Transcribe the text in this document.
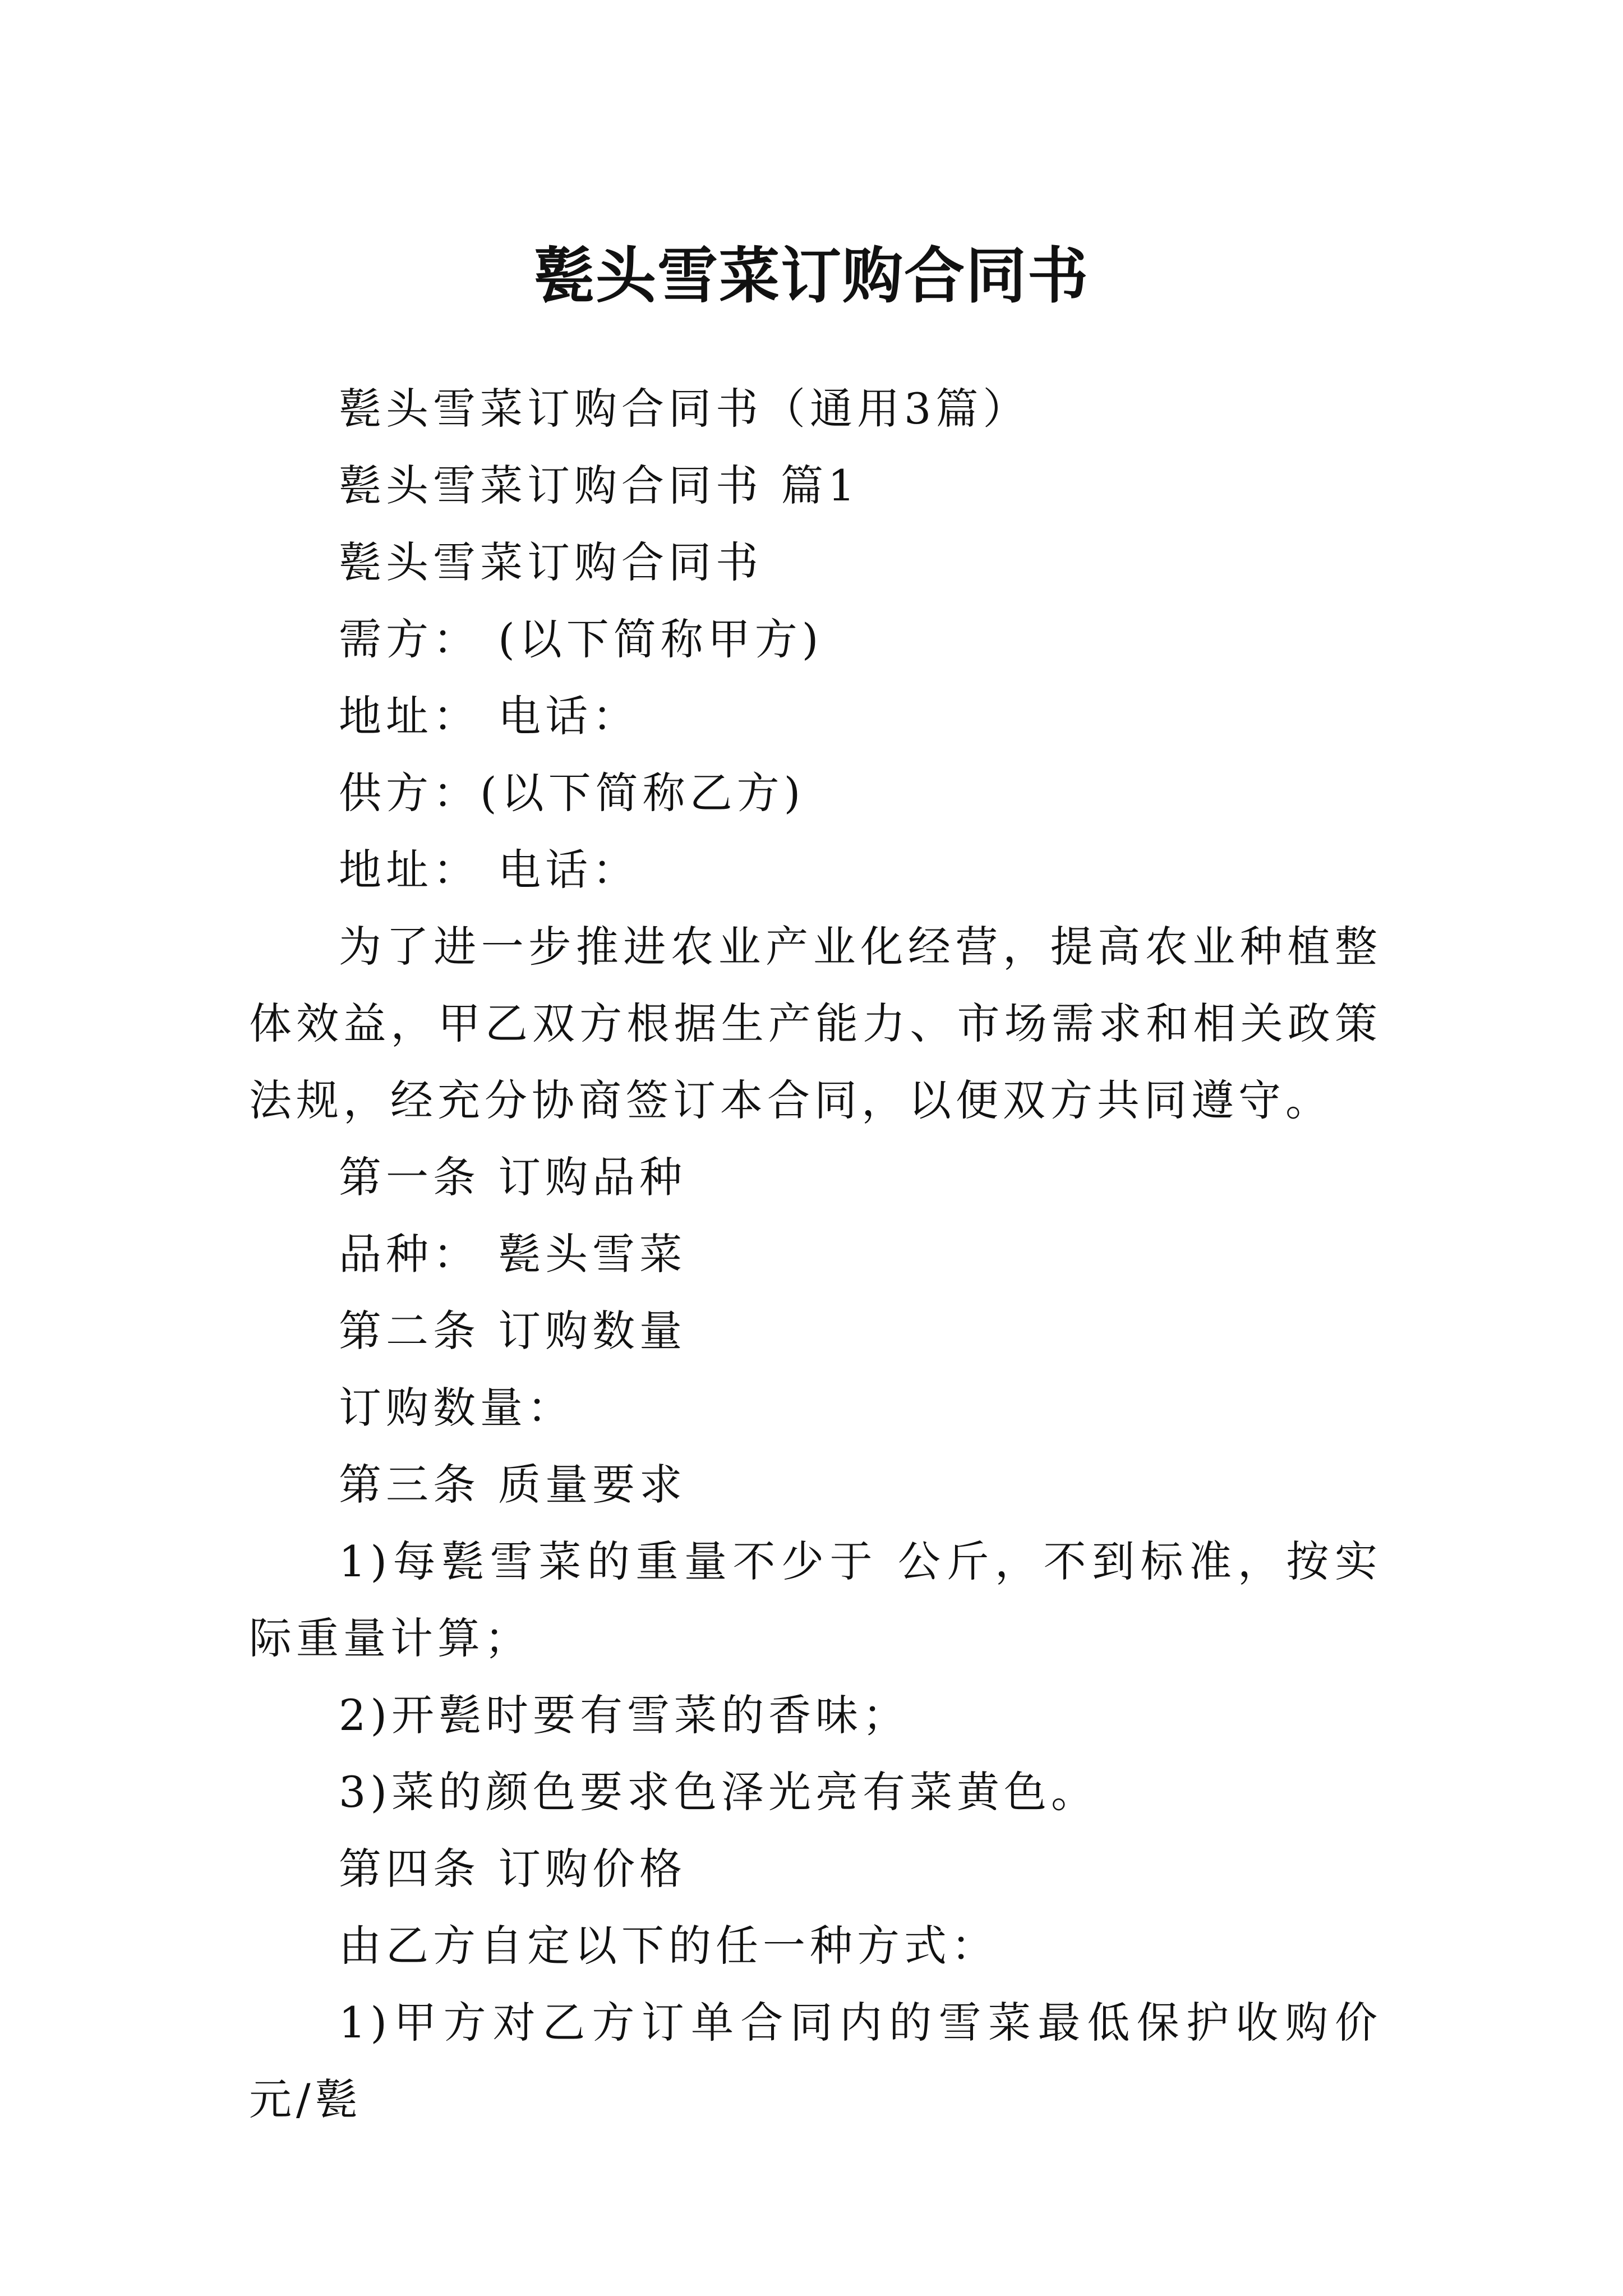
甏头雪菜订购合同书

甏头雪菜订购合同书（通用3篇）

甏头雪菜订购合同书 篇1

甏头雪菜订购合同书

需方： (以下简称甲方)

地址： 电话：

供方：(以下简称乙方)

地址： 电话：

为了进一步推进农业产业化经营，提高农业种植整体效益，甲乙双方根据生产能力、市场需求和相关政策法规，经充分协商签订本合同，以便双方共同遵守。

第一条 订购品种

品种： 甏头雪菜

第二条 订购数量

订购数量：

第三条 质量要求

1)每甏雪菜的重量不少于 公斤，不到标准，按实际重量计算；

2)开甏时要有雪菜的香味；

3)菜的颜色要求色泽光亮有菜黄色。

第四条 订购价格

由乙方自定以下的任一种方式：

1)甲方对乙方订单合同内的雪菜最低保护收购价 元/甏
